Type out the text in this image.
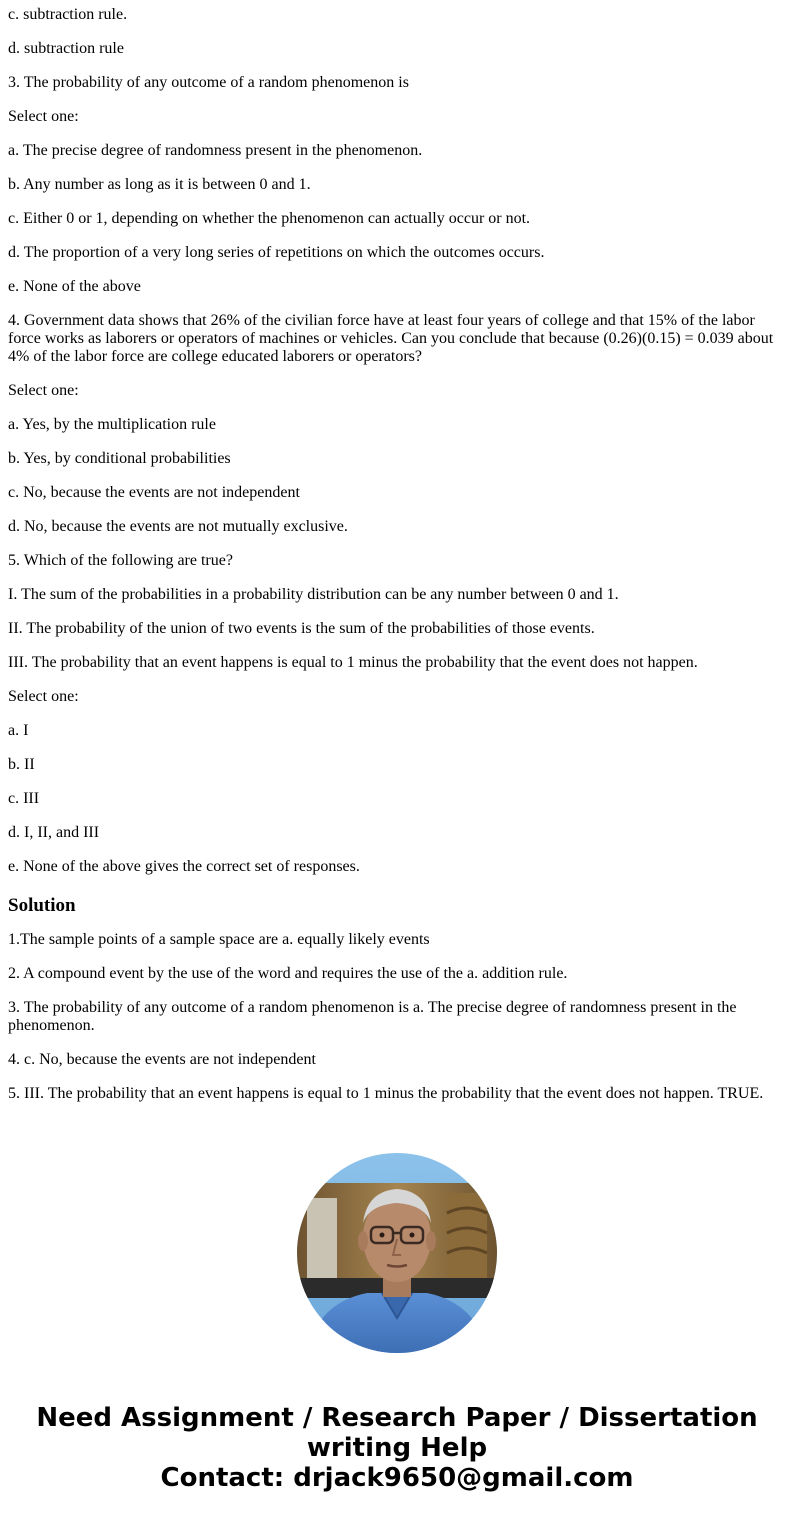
c. subtraction rule.

d. subtraction rule

3. The probability of any outcome of a random phenomenon is

Select one:

a. The precise degree of randomness present in the phenomenon.

b. Any number as long as it is between 0 and 1.

c. Either 0 or 1, depending on whether the phenomenon can actually occur or not.

d. The proportion of a very long series of repetitions on which the outcomes occurs.

e. None of the above

4. Government data shows that 26% of the civilian force have at least four years of college and that 15% of the labor force works as laborers or operators of machines or vehicles. Can you conclude that because (0.26)(0.15) = 0.039 about 4% of the labor force are college educated laborers or operators?

Select one:

a. Yes, by the multiplication rule

b. Yes, by conditional probabilities

c. No, because the events are not independent

d. No, because the events are not mutually exclusive.

5. Which of the following are true?

I. The sum of the probabilities in a probability distribution can be any number between 0 and 1.

II. The probability of the union of two events is the sum of the probabilities of those events.

III. The probability that an event happens is equal to 1 minus the probability that the event does not happen.

Select one:

a. I

b. II

c. III

d. I, II, and III

e. None of the above gives the correct set of responses.

Solution

1.The sample points of a sample space are a. equally likely events

2. A compound event by the use of the word and requires the use of the a. addition rule.

3. The probability of any outcome of a random phenomenon is a. The precise degree of randomness present in the phenomenon.

4. c. No, because the events are not independent

5. III. The probability that an event happens is equal to 1 minus the probability that the event does not happen. TRUE.

Need Assignment / Research Paper / Dissertation
writing Help
Contact: drjack9650@gmail.com
